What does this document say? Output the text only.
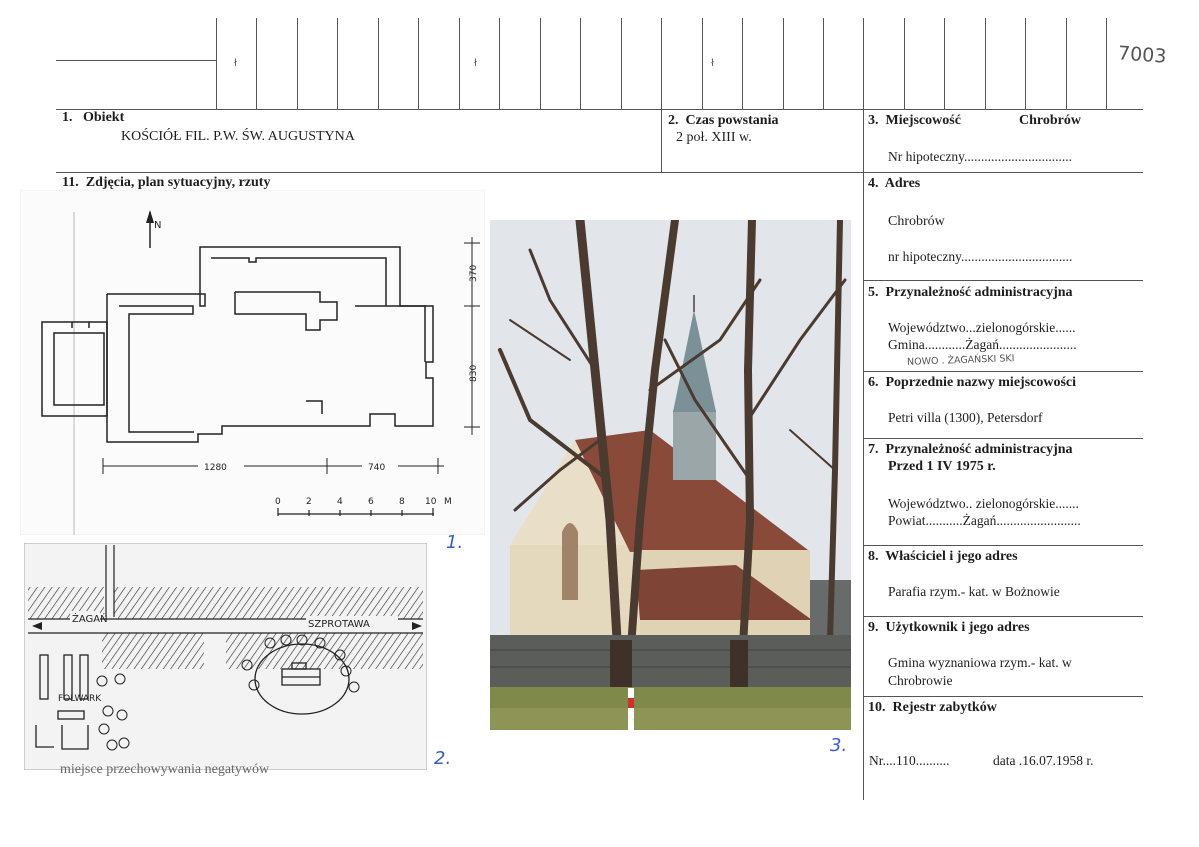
ł	ł	ł	7003
1. Obiekt
KOŚCIÓŁ FIL. P.W. ŚW. AUGUSTYNA
2. Czas powstania
2 poł. XIII w.
3. Miejscowość	Chrobrów
Nr hipoteczny................................
11. Zdjęcia, plan sytuacyjny, rzuty	4. Adres
Chrobrów
nr hipoteczny.................................
5. Przynależność administracyjna
Województwo...zielonogórskie......
Gmina............Żagań.......................
NOWO . ŻAGAŃSKI SKI
6. Poprzednie nazwy miejscowości
Petri villa (1300), Petersdorf
7. Przynależność administracyjna
Przed 1 IV 1975 r.
Województwo.. zielonogórskie.......
Powiat...........Żagań.........................
8. Właściciel i jego adres
Parafia rzym.- kat. w Bożnowie
9. Użytkownik i jego adres
Gmina wyznaniowa rzym.- kat. w
Chrobrowie
10. Rejestr zabytków
Nr....110..........	data .16.07.1958 r.
N
370
830
1280	740
0	2	4	6	8 10 M
1.
ŻAGAŃ	SZPROTAWA
FOLWARK
2.
miejsce przechowywania negatywów
3.
